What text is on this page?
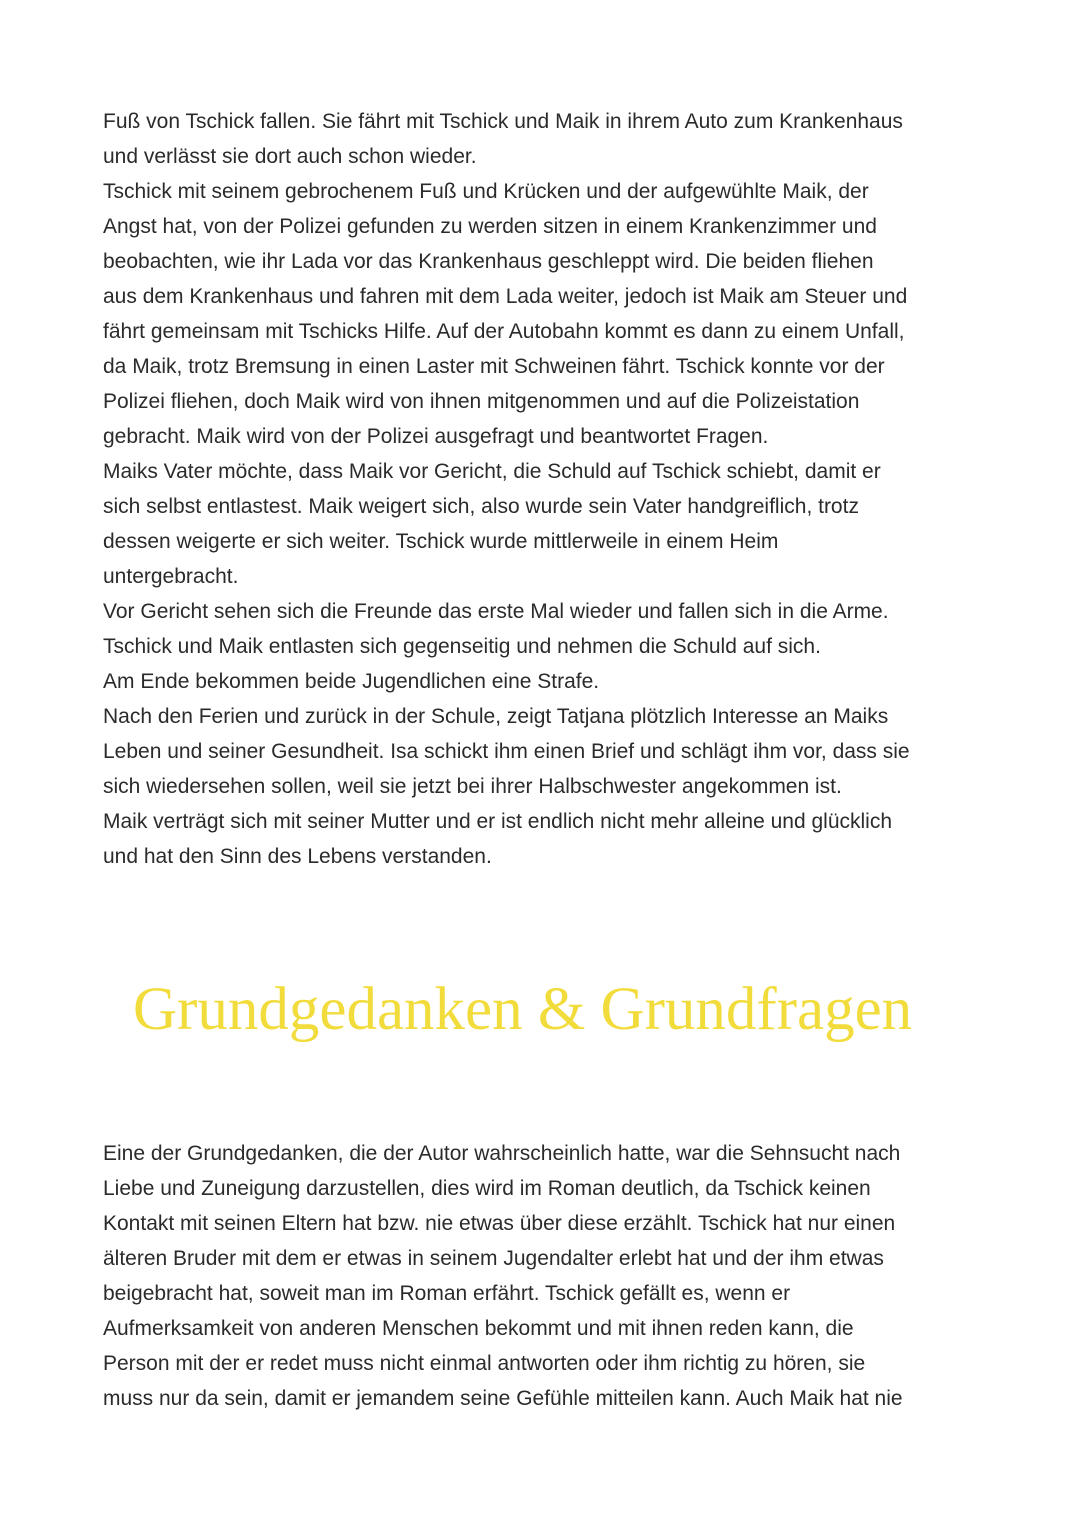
Fuß von Tschick fallen. Sie fährt mit Tschick und Maik in ihrem Auto zum Krankenhaus
und verlässt sie dort auch schon wieder.
Tschick mit seinem gebrochenem Fuß und Krücken und der aufgewühlte Maik, der
Angst hat, von der Polizei gefunden zu werden sitzen in einem Krankenzimmer und
beobachten, wie ihr Lada vor das Krankenhaus geschleppt wird. Die beiden fliehen
aus dem Krankenhaus und fahren mit dem Lada weiter, jedoch ist Maik am Steuer und
fährt gemeinsam mit Tschicks Hilfe. Auf der Autobahn kommt es dann zu einem Unfall,
da Maik, trotz Bremsung in einen Laster mit Schweinen fährt. Tschick konnte vor der
Polizei fliehen, doch Maik wird von ihnen mitgenommen und auf die Polizeistation
gebracht. Maik wird von der Polizei ausgefragt und beantwortet Fragen.
Maiks Vater möchte, dass Maik vor Gericht, die Schuld auf Tschick schiebt, damit er
sich selbst entlastest. Maik weigert sich, also wurde sein Vater handgreiflich, trotz
dessen weigerte er sich weiter. Tschick wurde mittlerweile in einem Heim
untergebracht.
Vor Gericht sehen sich die Freunde das erste Mal wieder und fallen sich in die Arme.
Tschick und Maik entlasten sich gegenseitig und nehmen die Schuld auf sich.
Am Ende bekommen beide Jugendlichen eine Strafe.
Nach den Ferien und zurück in der Schule, zeigt Tatjana plötzlich Interesse an Maiks
Leben und seiner Gesundheit. Isa schickt ihm einen Brief und schlägt ihm vor, dass sie
sich wiedersehen sollen, weil sie jetzt bei ihrer Halbschwester angekommen ist.
Maik verträgt sich mit seiner Mutter und er ist endlich nicht mehr alleine und glücklich
und hat den Sinn des Lebens verstanden.
Grundgedanken & Grundfragen
Eine der Grundgedanken, die der Autor wahrscheinlich hatte, war die Sehnsucht nach
Liebe und Zuneigung darzustellen, dies wird im Roman deutlich, da Tschick keinen
Kontakt mit seinen Eltern hat bzw. nie etwas über diese erzählt. Tschick hat nur einen
älteren Bruder mit dem er etwas in seinem Jugendalter erlebt hat und der ihm etwas
beigebracht hat, soweit man im Roman erfährt. Tschick gefällt es, wenn er
Aufmerksamkeit von anderen Menschen bekommt und mit ihnen reden kann, die
Person mit der er redet muss nicht einmal antworten oder ihm richtig zu hören, sie
muss nur da sein, damit er jemandem seine Gefühle mitteilen kann. Auch Maik hat nie
